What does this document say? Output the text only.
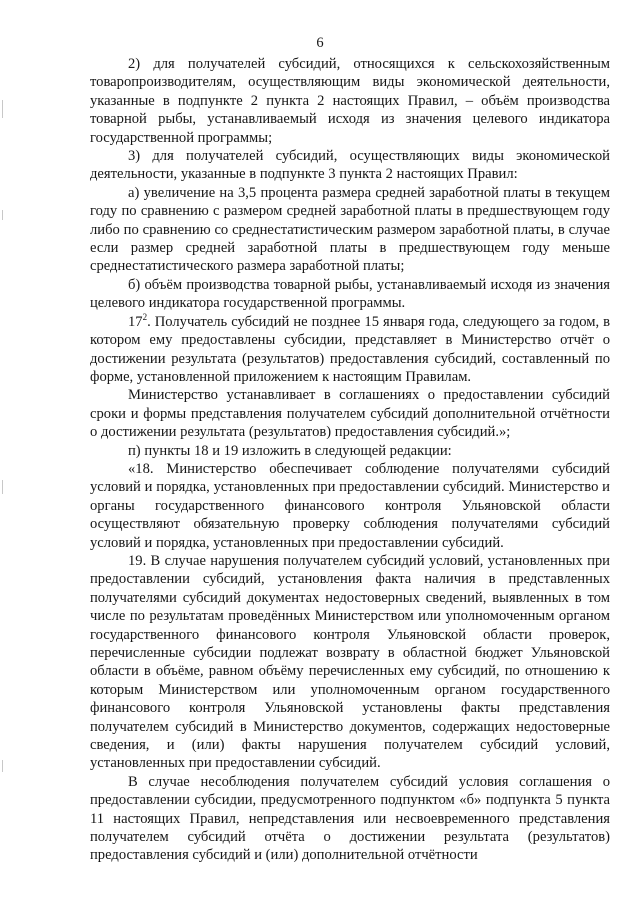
6

2) для получателей субсидий, относящихся к сельскохозяйственным товаропроизводителям, осуществляющим виды экономической деятельности, указанные в подпункте 2 пункта 2 настоящих Правил, – объём производства товарной рыбы, устанавливаемый исходя из значения целевого индикатора государственной программы;

3) для получателей субсидий, осуществляющих виды экономической деятельности, указанные в подпункте 3 пункта 2 настоящих Правил:

а) увеличение на 3,5 процента размера средней заработной платы в текущем году по сравнению с размером средней заработной платы в предшествующем году либо по сравнению со среднестатистическим размером заработной платы, в случае если размер средней заработной платы в предшествующем году меньше среднестатистического размера заработной платы;

б) объём производства товарной рыбы, устанавливаемый исходя из значения целевого индикатора государственной программы.

$17^2$. Получатель субсидий не позднее 15 января года, следующего за годом, в котором ему предоставлены субсидии, представляет в Министерство отчёт о достижении результата (результатов) предоставления субсидий, составленный по форме, установленной приложением к настоящим Правилам.

Министерство устанавливает в соглашениях о предоставлении субсидий сроки и формы представления получателем субсидий дополнительной отчётности о достижении результата (результатов) предоставления субсидий.»;

п) пункты 18 и 19 изложить в следующей редакции:

«18. Министерство обеспечивает соблюдение получателями субсидий условий и порядка, установленных при предоставлении субсидий. Министерство и органы государственного финансового контроля Ульяновской области осуществляют обязательную проверку соблюдения получателями субсидий условий и порядка, установленных при предоставлении субсидий.

19. В случае нарушения получателем субсидий условий, установленных при предоставлении субсидий, установления факта наличия в представленных получателями субсидий документах недостоверных сведений, выявленных в том числе по результатам проведённых Министерством или уполномоченным органом государственного финансового контроля Ульяновской области проверок, перечисленные субсидии подлежат возврату в областной бюджет Ульяновской области в объёме, равном объёму перечисленных ему субсидий, по отношению к которым Министерством или уполномоченным органом государственного финансового контроля Ульяновской установлены факты представления получателем субсидий в Министерство документов, содержащих недостоверные сведения, и (или) факты нарушения получателем субсидий условий, установленных при предоставлении субсидий.

В случае несоблюдения получателем субсидий условия соглашения о предоставлении субсидии, предусмотренного подпунктом «б» подпункта 5 пункта 11 настоящих Правил, непредставления или несвоевременного представления получателем субсидий отчёта о достижении результата (результатов) предоставления субсидий и (или) дополнительной отчётности
